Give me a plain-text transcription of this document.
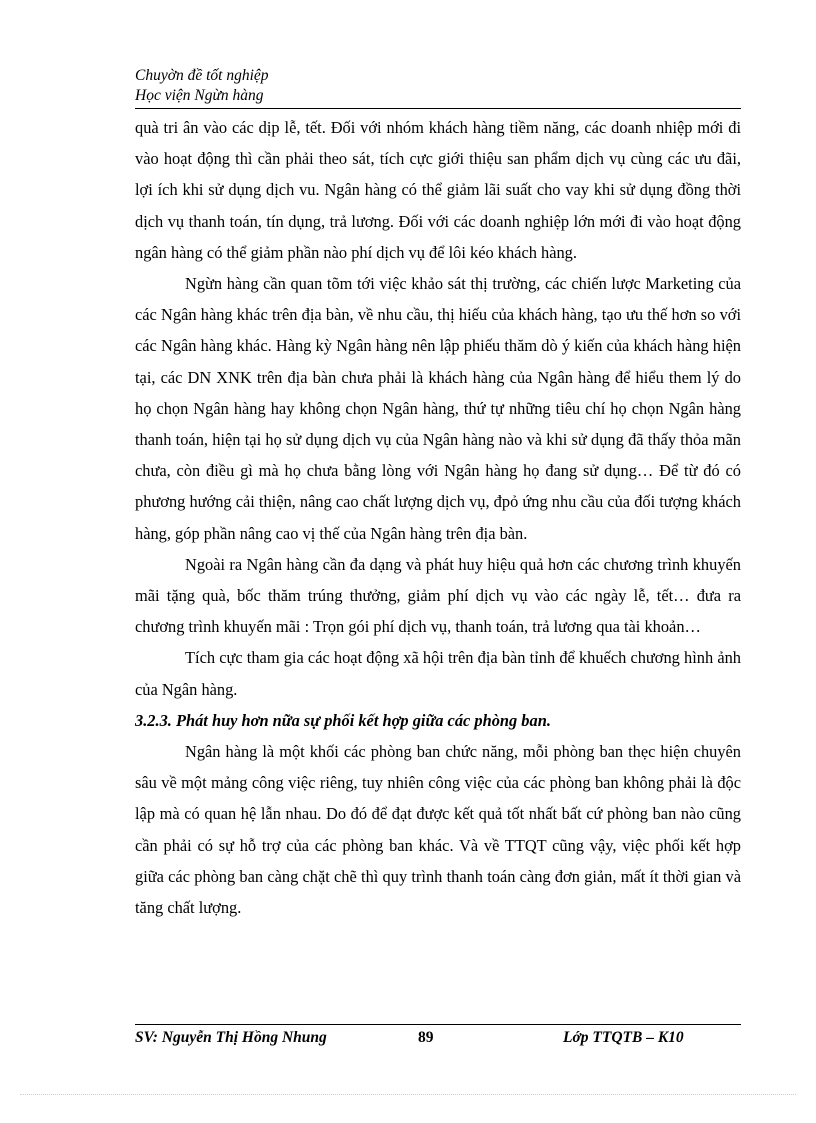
Chuyờn đề tốt nghiệp
Học viện Ngừn hàng

quà tri ân vào các dịp lễ, tết. Đối với nhóm khách hàng tiềm năng, các doanh nhiệp mới đi vào hoạt động thì cần phải theo sát, tích cực giới thiệu san phẩm dịch vụ cùng các ưu đãi, lợi ích khi sử dụng dịch vu. Ngân hàng có thể giảm lãi suất cho vay khi sử dụng đồng thời dịch vụ thanh toán, tín dụng, trả lương. Đối với các doanh nghiệp lớn mới đi vào hoạt động ngân hàng có thể giảm phần nào phí dịch vụ để lôi kéo khách hàng.

Ngừn hàng cần quan tõm tới việc khảo sát thị trường, các chiến lược Marketing của các Ngân hàng khác trên địa bàn, về nhu cầu, thị hiếu của khách hàng, tạo ưu thế hơn so với các Ngân hàng khác. Hàng kỳ Ngân hàng nên lập phiếu thăm dò ý kiến của khách hàng hiện tại, các DN XNK trên địa bàn chưa phải là khách hàng của Ngân hàng để hiểu them lý do họ chọn Ngân hàng hay không chọn Ngân hàng, thứ tự những tiêu chí họ chọn Ngân hàng thanh toán, hiện tại họ sử dụng dịch vụ của Ngân hàng nào và khi sử dụng đã thấy thỏa mãn chưa, còn điều gì mà họ chưa bằng lòng với Ngân hàng họ đang sử dụng… Để từ đó có phương hướng cải thiện, nâng cao chất lượng dịch vụ, đpỏ ứng nhu cầu của đối tượng khách hàng, góp phần nâng cao vị thế của Ngân hàng trên địa bàn.

Ngoài ra Ngân hàng cần đa dạng và phát huy hiệu quả hơn các chương trình khuyến mãi tặng quà, bốc thăm trúng thưởng, giảm phí dịch vụ vào các ngày lễ, tết… đưa ra chương trình khuyến mãi : Trọn gói phí dịch vụ, thanh toán, trả lương qua tài khoản…

Tích cực tham gia các hoạt động xã hội trên địa bàn tỉnh để khuếch chương hình ảnh của Ngân hàng.

3.2.3. Phát huy hơn nữa sự phối kết hợp giữa các phòng ban.

Ngân hàng là một khối các phòng ban chức năng, mỗi phòng ban thẹc hiện chuyên sâu về một mảng công việc riêng, tuy nhiên công việc của các phòng ban không phải là độc lập mà có quan hệ lẫn nhau. Do đó để đạt được kết quả tốt nhất bất cứ phòng ban nào cũng cần phải có sự hỗ trợ của các phòng ban khác. Và về TTQT cũng vậy, việc phối kết hợp giữa các phòng ban càng chặt chẽ thì quy trình thanh toán càng đơn giản, mất ít thời gian và tăng chất lượng.

SV: Nguyễn Thị Hồng Nhung	89	Lớp TTQTB – K10
